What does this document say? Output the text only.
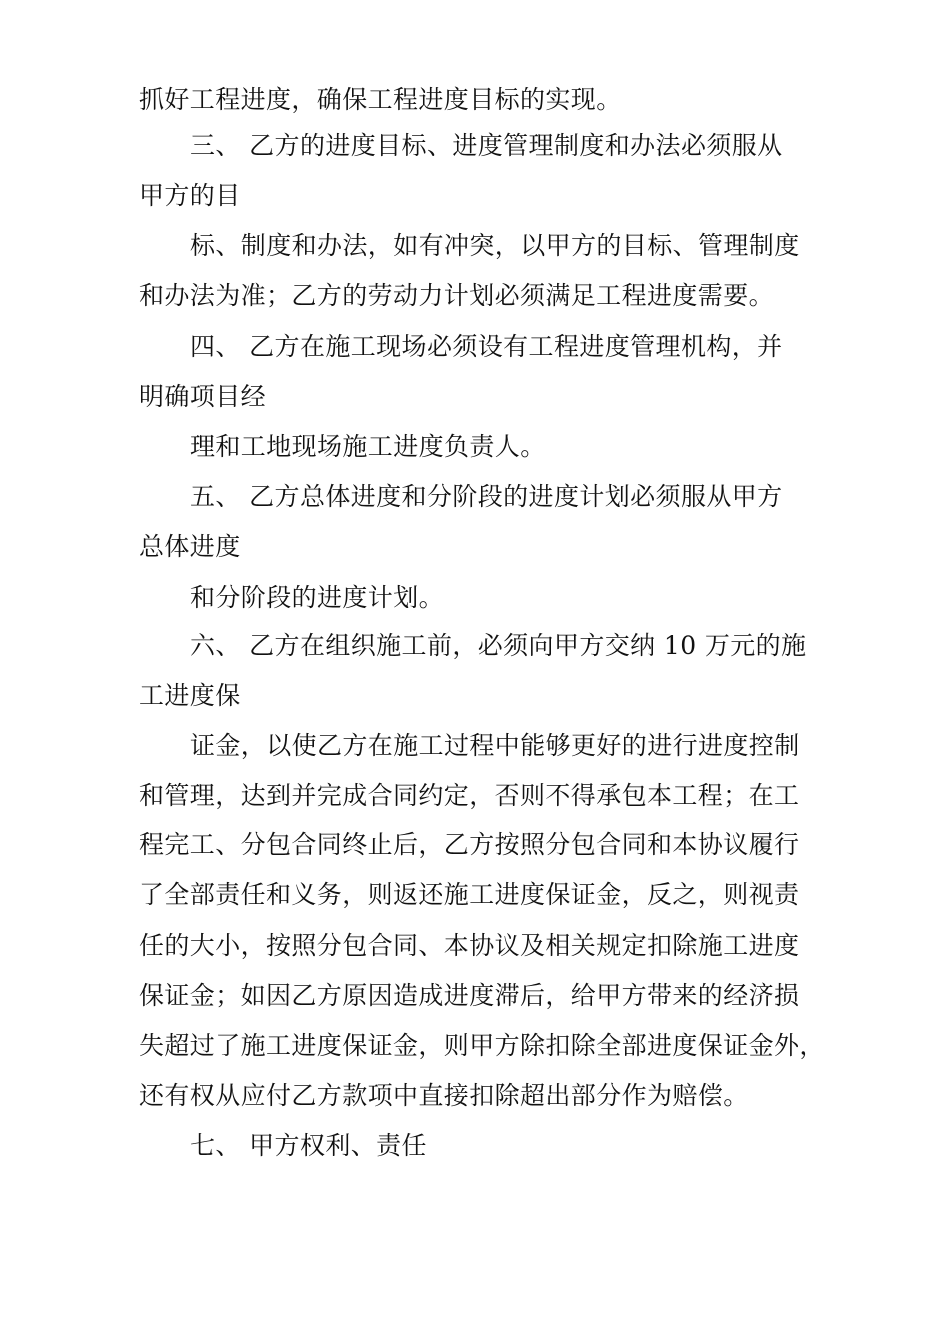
抓好工程进度，确保工程进度目标的实现。
三、 乙方的进度目标、进度管理制度和办法必须服从
甲方的目
标、制度和办法，如有冲突，以甲方的目标、管理制度
和办法为准；乙方的劳动力计划必须满足工程进度需要。
四、 乙方在施工现场必须设有工程进度管理机构，并
明确项目经
理和工地现场施工进度负责人。
五、 乙方总体进度和分阶段的进度计划必须服从甲方
总体进度
和分阶段的进度计划。
六、 乙方在组织施工前，必须向甲方交纳 10 万元的施
工进度保
证金，以使乙方在施工过程中能够更好的进行进度控制
和管理，达到并完成合同约定，否则不得承包本工程；在工
程完工、分包合同终止后，乙方按照分包合同和本协议履行
了全部责任和义务，则返还施工进度保证金，反之，则视责
任的大小，按照分包合同、本协议及相关规定扣除施工进度
保证金；如因乙方原因造成进度滞后，给甲方带来的经济损
失超过了施工进度保证金，则甲方除扣除全部进度保证金外，
还有权从应付乙方款项中直接扣除超出部分作为赔偿。
七、 甲方权利、责任
